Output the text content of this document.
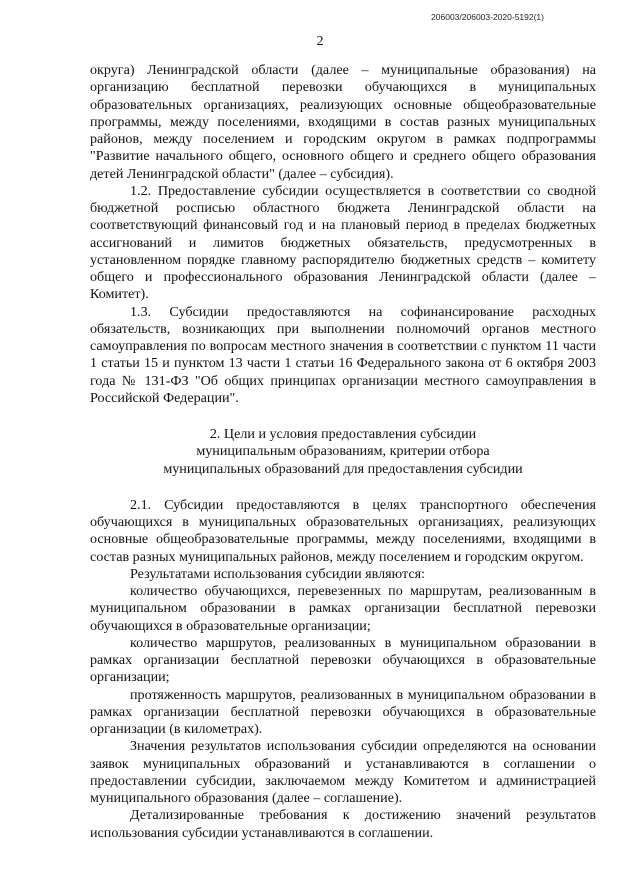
206003/206003-2020-5192(1)
2

округа) Ленинградской области (далее – муниципальные образования) на организацию бесплатной перевозки обучающихся в муниципальных образовательных организациях, реализующих основные общеобразовательные программы, между поселениями, входящими в состав разных муниципальных районов, между поселением и городским округом в рамках подпрограммы "Развитие начального общего, основного общего и среднего общего образования детей Ленинградской области" (далее – субсидия).

1.2. Предоставление субсидии осуществляется в соответствии со сводной бюджетной росписью областного бюджета Ленинградской области на соответствующий финансовый год и на плановый период в пределах бюджетных ассигнований и лимитов бюджетных обязательств, предусмотренных в установленном порядке главному распорядителю бюджетных средств – комитету общего и профессионального образования Ленинградской области (далее – Комитет).

1.3. Субсидии предоставляются на софинансирование расходных обязательств, возникающих при выполнении полномочий органов местного самоуправления по вопросам местного значения в соответствии с пунктом 11 части 1 статьи 15 и пунктом 13 части 1 статьи 16 Федерального закона от 6 октября 2003 года № 131-ФЗ "Об общих принципах организации местного самоуправления в Российской Федерации".

2. Цели и условия предоставления субсидии
муниципальным образованиям, критерии отбора
муниципальных образований для предоставления субсидии

2.1. Субсидии предоставляются в целях транспортного обеспечения обучающихся в муниципальных образовательных организациях, реализующих основные общеобразовательные программы, между поселениями, входящими в состав разных муниципальных районов, между поселением и городским округом.

Результатами использования субсидии являются:

количество обучающихся, перевезенных по маршрутам, реализованным в муниципальном образовании в рамках организации бесплатной перевозки обучающихся в образовательные организации;

количество маршрутов, реализованных в муниципальном образовании в рамках организации бесплатной перевозки обучающихся в образовательные организации;

протяженность маршрутов, реализованных в муниципальном образовании в рамках организации бесплатной перевозки обучающихся в образовательные организации (в километрах).

Значения результатов использования субсидии определяются на основании заявок муниципальных образований и устанавливаются в соглашении о предоставлении субсидии, заключаемом между Комитетом и администрацией муниципального образования (далее – соглашение).

Детализированные требования к достижению значений результатов использования субсидии устанавливаются в соглашении.
